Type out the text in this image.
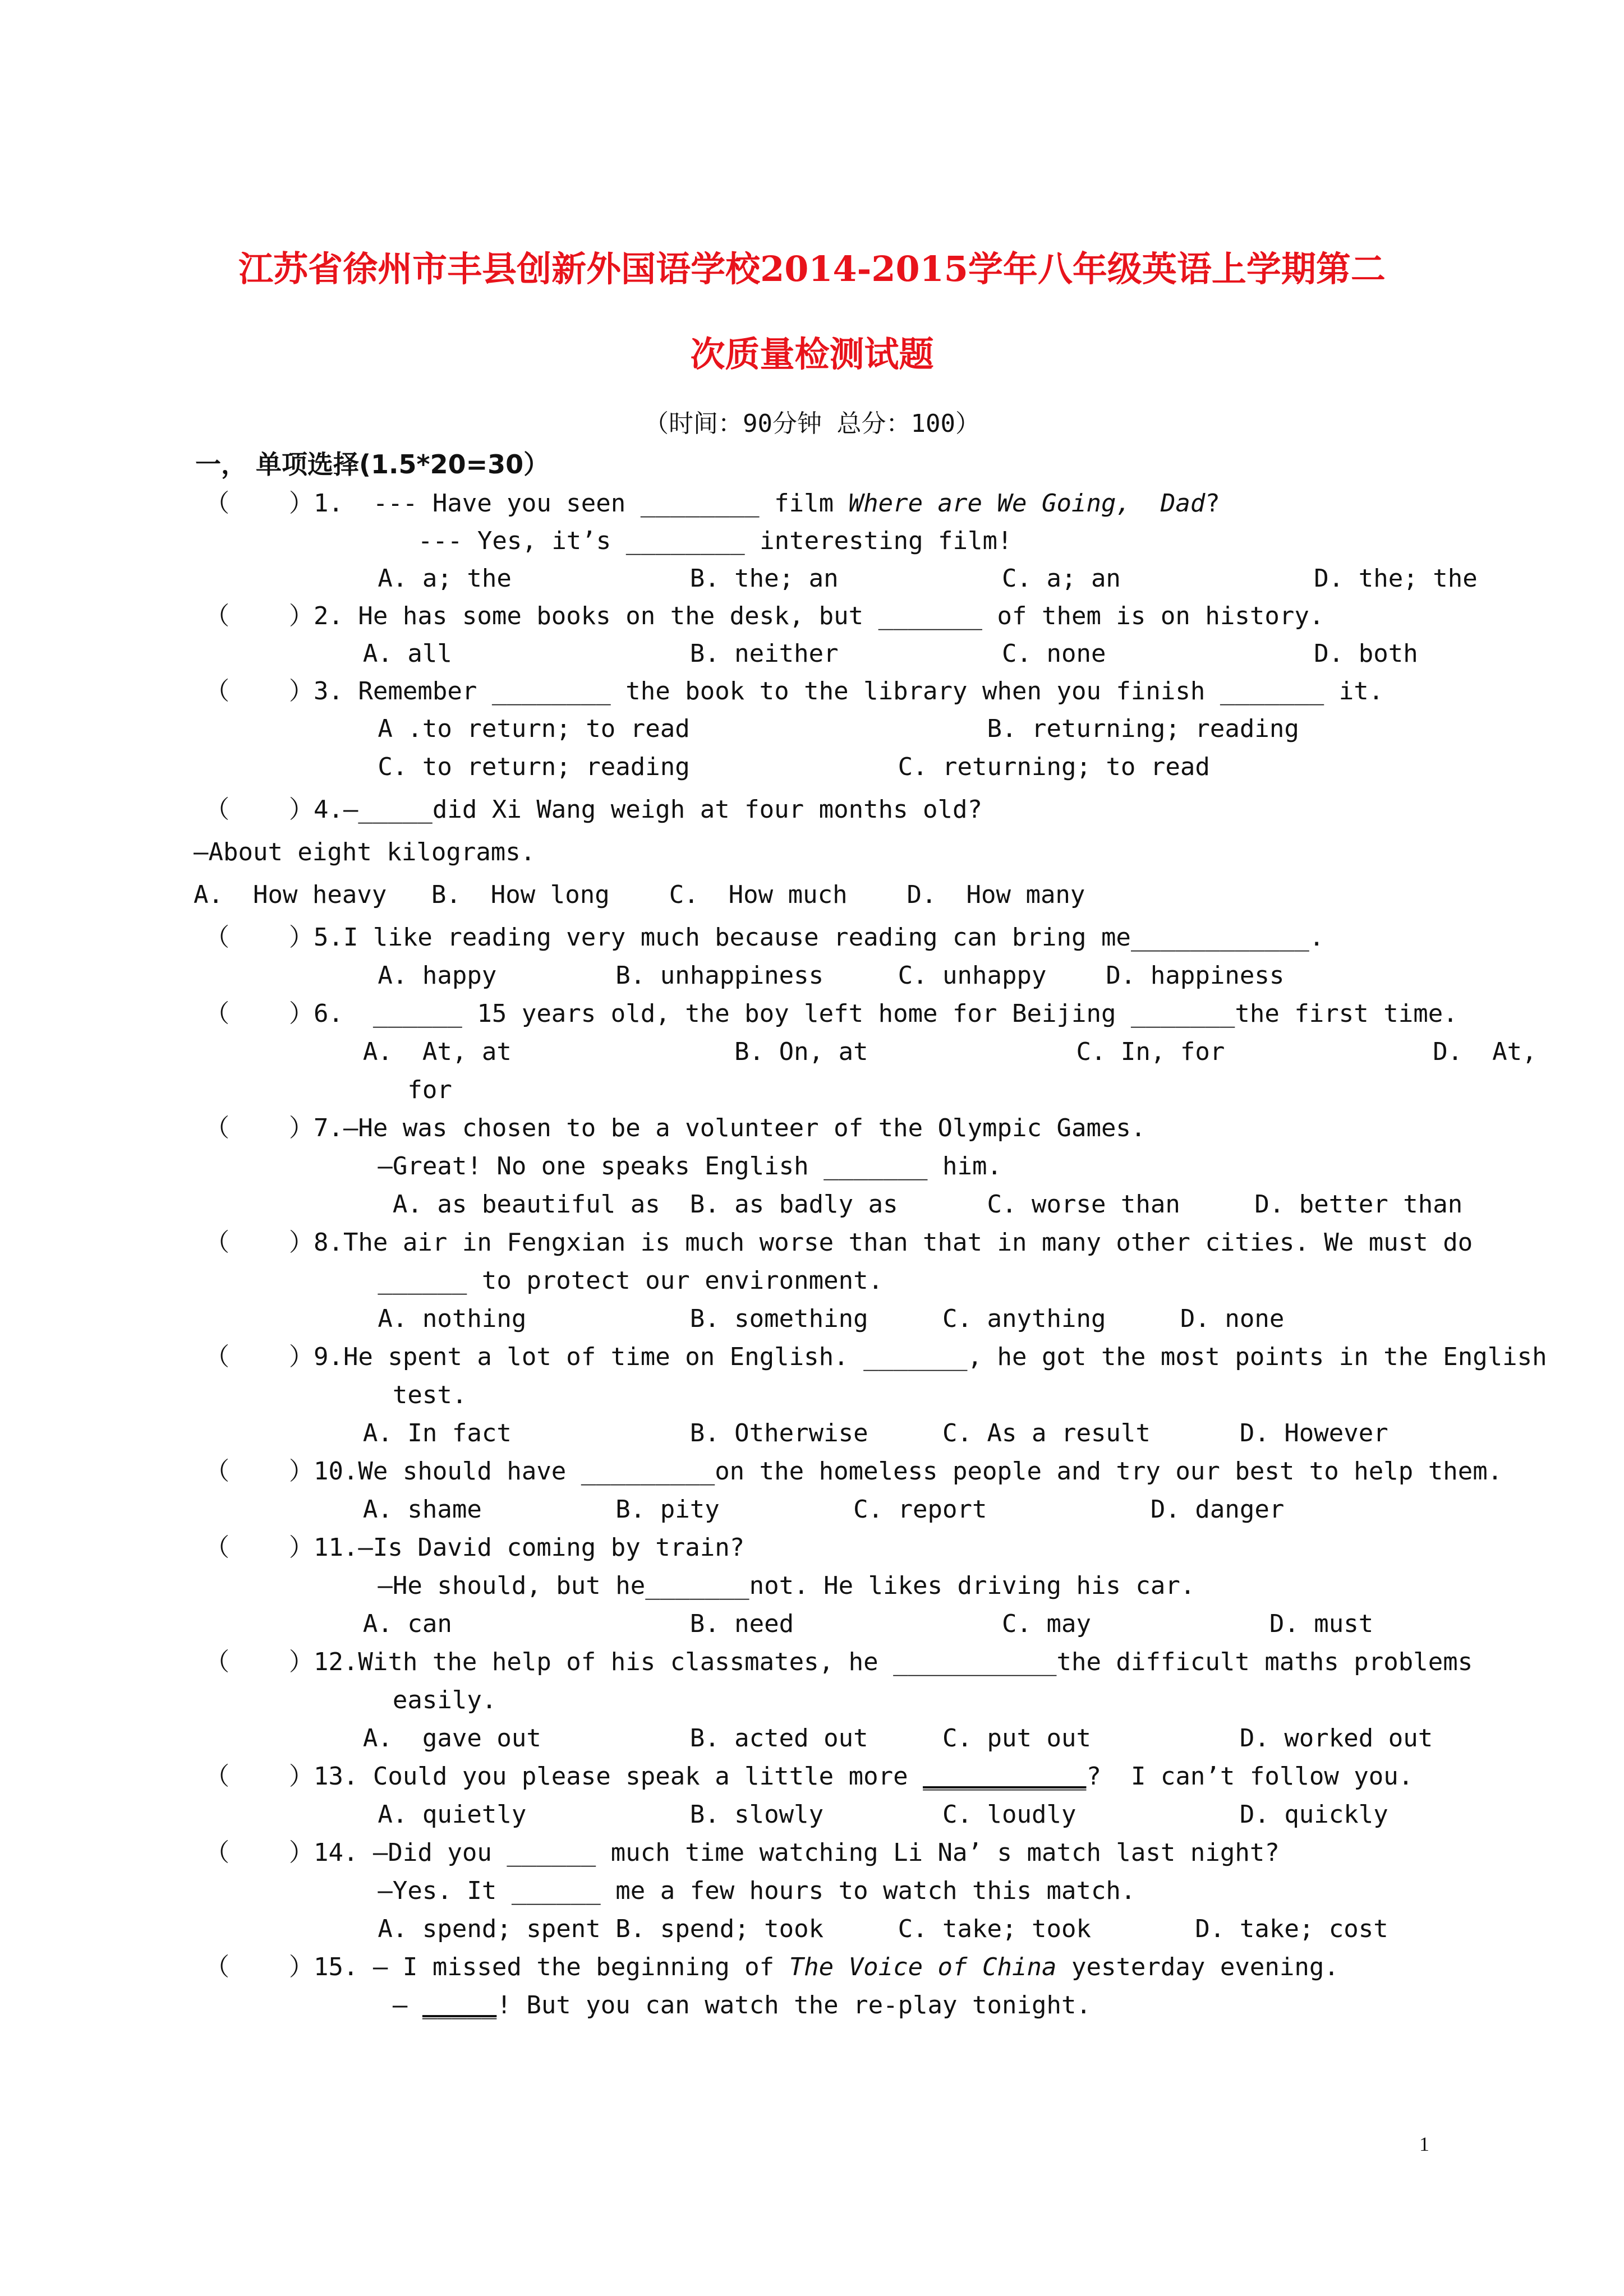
江苏省徐州市丰县创新外国语学校2014-2015学年八年级英语上学期第二
次质量检测试题
（时间：90分钟 总分：100）
一， 单项选择(1.5*20=30）
（    ）1.  --- Have you seen ________ film Where are We Going,  Dad?
--- Yes, it’s ________ interesting film!
A. a; the            B. the; an           C. a; an             D. the; the
（    ）2. He has some books on the desk, but _______ of them is on history.
A. all                B. neither           C. none              D. both
（    ）3. Remember ________ the book to the library when you finish _______ it.
A .to return; to read                    B. returning; reading
C. to return; reading              C. returning; to read
（    ）4.—_____did Xi Wang weigh at four months old?
—About eight kilograms.
A.  How heavy   B.  How long    C.  How much    D.  How many
（    ）5.I like reading very much because reading can bring me____________.
A. happy        B. unhappiness     C. unhappy    D. happiness
（    ）6.  ______ 15 years old, the boy left home for Beijing _______the first time.
A.  At, at               B. On, at              C. In, for              D.  At,
for
（    ）7.—He was chosen to be a volunteer of the Olympic Games.
—Great! No one speaks English _______ him.
A. as beautiful as  B. as badly as      C. worse than     D. better than
（    ）8.The air in Fengxian is much worse than that in many other cities. We must do
______ to protect our environment.
A. nothing           B. something     C. anything     D. none
（    ）9.He spent a lot of time on English. _______, he got the most points in the English
test.
A. In fact            B. Otherwise     C. As a result      D. However
（    ）10.We should have _________on the homeless people and try our best to help them.
A. shame         B. pity         C. report           D. danger
（    ）11.—Is David coming by train?
—He should, but he_______not. He likes driving his car.
A. can                B. need              C. may            D. must
（    ）12.With the help of his classmates, he ___________the difficult maths problems
easily.
A.  gave out          B. acted out     C. put out          D. worked out
（    ）13. Could you please speak a little more ___________?  I can’t follow you.
A. quietly           B. slowly        C. loudly           D. quickly
（    ）14. —Did you ______ much time watching Li Na’ s match last night?
—Yes. It ______ me a few hours to watch this match.
A. spend; spent B. spend; took     C. take; took       D. take; cost
（    ）15. — I missed the beginning of The Voice of China yesterday evening.
— _____! But you can watch the re-play tonight.
1
